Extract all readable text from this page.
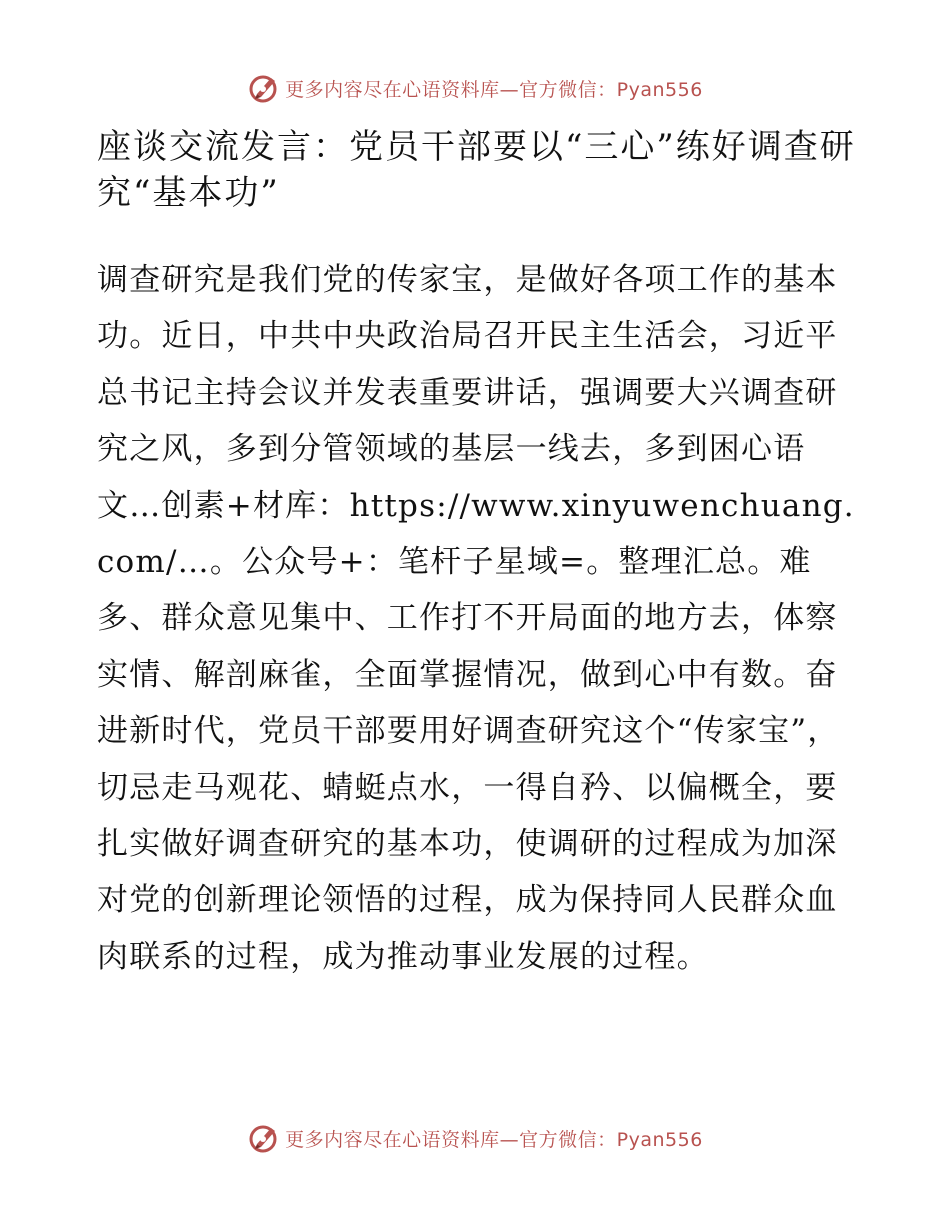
更多内容尽在心语资料库—官方微信：Pyan556
座谈交流发言：党员干部要以“三心”练好调查研究“基本功”

调查研究是我们党的传家宝，是做好各项工作的基本功。近日，中共中央政治局召开民主生活会，习近平总书记主持会议并发表重要讲话，强调要大兴调查研究之风，多到分管领域的基层一线去，多到困心语文…创素+材库：https://www.xinyuwenchuang.com/…。公众号+：笔杆子星域=。整理汇总。难多、群众意见集中、工作打不开局面的地方去，体察实情、解剖麻雀，全面掌握情况，做到心中有数。奋进新时代，党员干部要用好调查研究这个“传家宝”，切忌走马观花、蜻蜓点水，一得自矜、以偏概全，要扎实做好调查研究的基本功，使调研的过程成为加深对党的创新理论领悟的过程，成为保持同人民群众血肉联系的过程，成为推动事业发展的过程。

更多内容尽在心语资料库—官方微信：Pyan556
